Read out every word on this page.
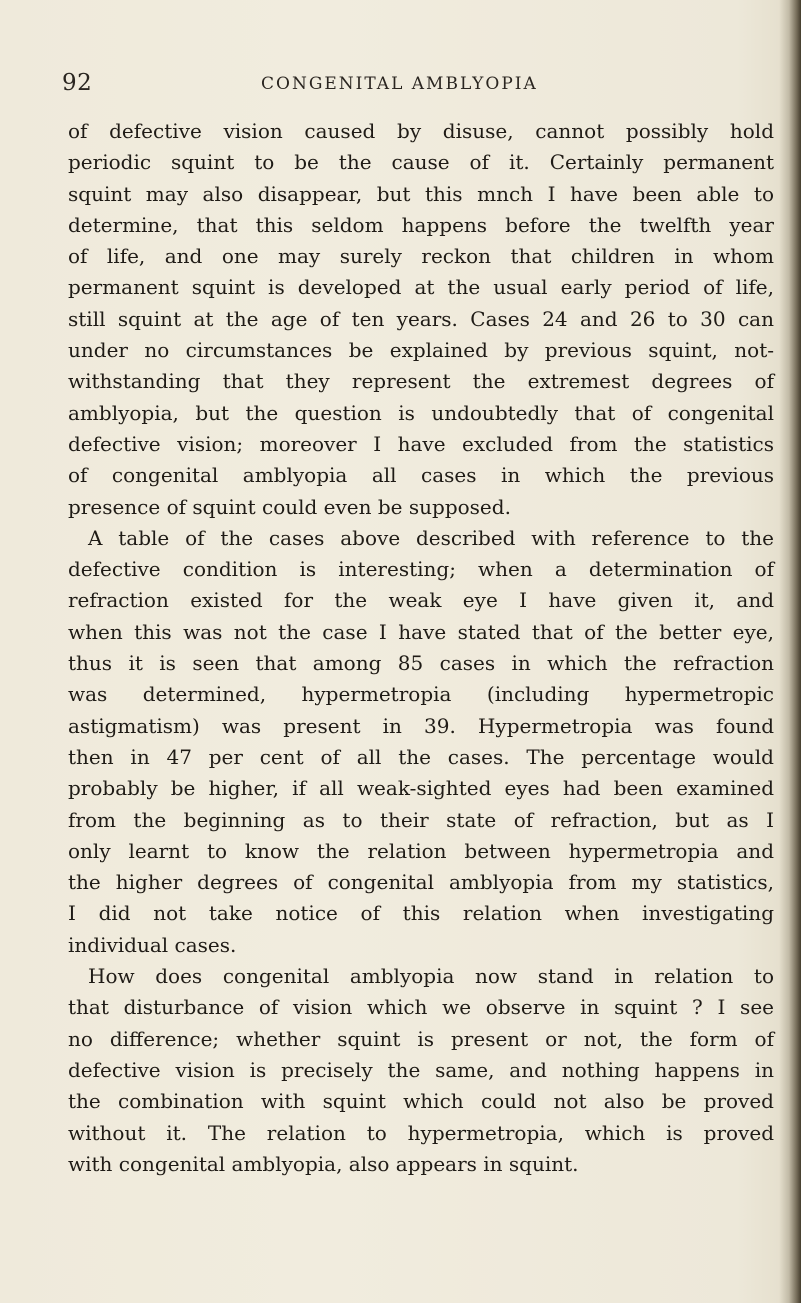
92	CONGENITAL AMBLYOPIA
of defective vision caused by disuse, cannot possibly hold
periodic squint to be the cause of it. Certainly permanent
squint may also disappear, but this mnch I have been able to
determine, that this seldom happens before the twelfth year
of life, and one may surely reckon that children in whom
permanent squint is developed at the usual early period of life,
still squint at the age of ten years. Cases 24 and 26 to 30 can
under no circumstances be explained by previous squint, not-
withstanding that they represent the extremest degrees of
amblyopia, but the question is undoubtedly that of congenital
defective vision; moreover I have excluded from the statistics
of congenital amblyopia all cases in which the previous
presence of squint could even be supposed.
A table of the cases above described with reference to the
defective condition is interesting; when a determination of
refraction existed for the weak eye I have given it, and
when this was not the case I have stated that of the better eye,
thus it is seen that among 85 cases in which the refraction
was determined, hypermetropia (including hypermetropic
astigmatism) was present in 39. Hypermetropia was found
then in 47 per cent of all the cases. The percentage would
probably be higher, if all weak-sighted eyes had been examined
from the beginning as to their state of refraction, but as I
only learnt to know the relation between hypermetropia and
the higher degrees of congenital amblyopia from my statistics,
I did not take notice of this relation when investigating
individual cases.
How does congenital amblyopia now stand in relation to
that disturbance of vision which we observe in squint ? I see
no difference; whether squint is present or not, the form of
defective vision is precisely the same, and nothing happens in
the combination with squint which could not also be proved
without it. The relation to hypermetropia, which is proved
with congenital amblyopia, also appears in squint.
